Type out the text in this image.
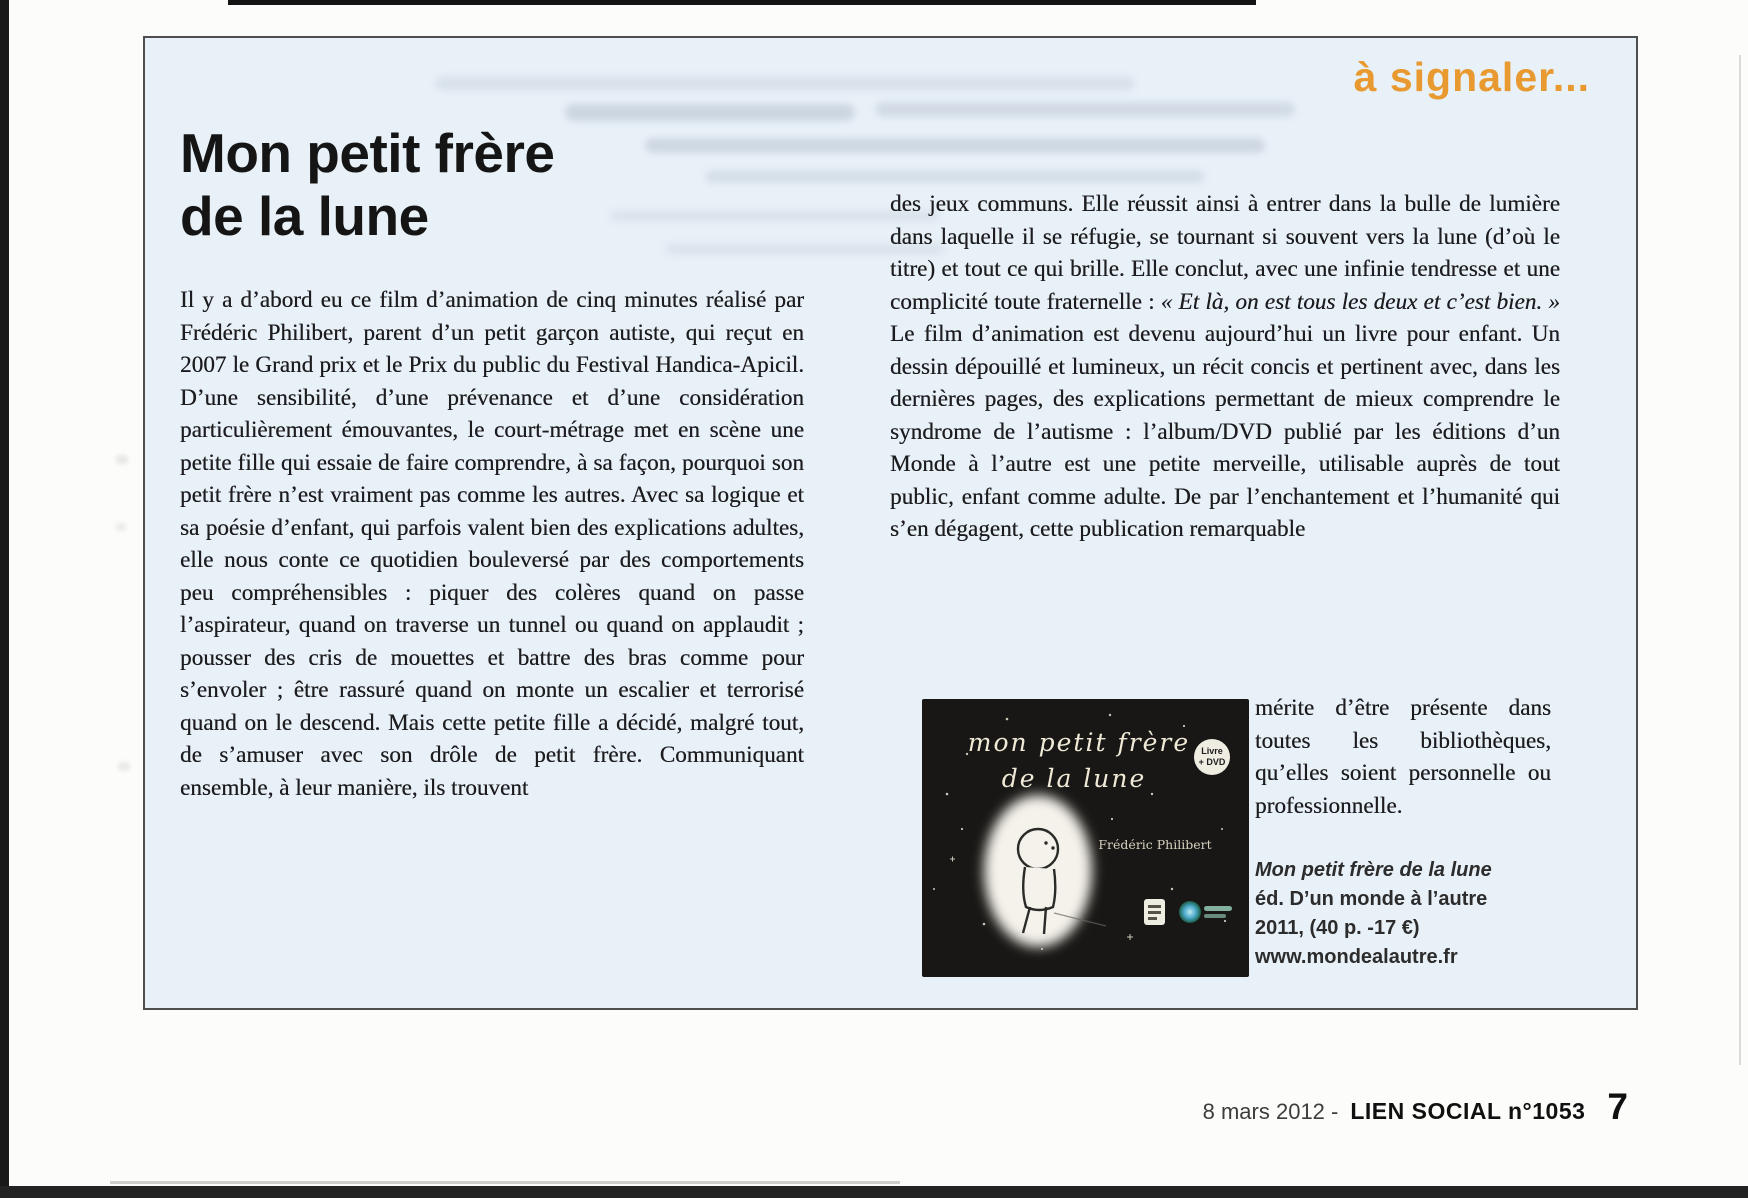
à signaler...
Mon petit frère
de la lune
Il y a d’abord eu ce film d’animation de cinq minutes réalisé par Frédéric Philibert, parent d’un petit garçon autiste, qui reçut en 2007 le Grand prix et le Prix du public du Festival Handica-Apicil. D’une sensibilité, d’une prévenance et d’une considération particulièrement émouvantes, le court-métrage met en scène une petite fille qui essaie de faire comprendre, à sa façon, pourquoi son petit frère n’est vraiment pas comme les autres. Avec sa logique et sa poésie d’enfant, qui parfois valent bien des explications adultes, elle nous conte ce quotidien bouleversé par des comportements peu compréhensibles : piquer des colères quand on passe l’aspirateur, quand on traverse un tunnel ou quand on applaudit ; pousser des cris de mouettes et battre des bras comme pour s’envoler ; être rassuré quand on monte un escalier et terrorisé quand on le descend. Mais cette petite fille a décidé, malgré tout, de s’amuser avec son drôle de petit frère. Communiquant ensemble, à leur manière, ils trouvent
des jeux communs. Elle réussit ainsi à entrer dans la bulle de lumière dans laquelle il se réfugie, se tournant si souvent vers la lune (d’où le titre) et tout ce qui brille. Elle conclut, avec une infinie tendresse et une complicité toute fraternelle : « Et là, on est tous les deux et c’est bien. » Le film d’animation est devenu aujourd’hui un livre pour enfant. Un dessin dépouillé et lumineux, un récit concis et pertinent avec, dans les dernières pages, des explications permettant de mieux comprendre le syndrome de l’autisme : l’album/DVD publié par les éditions d’un Monde à l’autre est une petite merveille, utilisable auprès de tout public, enfant comme adulte. De par l’enchantement et l’humanité qui s’en dégagent, cette publication remarquable
mon petit frère
de la lune
Livre
+ DVD
Frédéric Philibert
mérite d’être présente dans toutes les bibliothèques, qu’elles soient personnelle ou professionnelle.
Mon petit frère de la lune
éd. D’un monde à l’autre
2011, (40 p. -17 €)
www.mondealautre.fr
8 mars 2012 - LIEN SOCIAL n°1053 7
